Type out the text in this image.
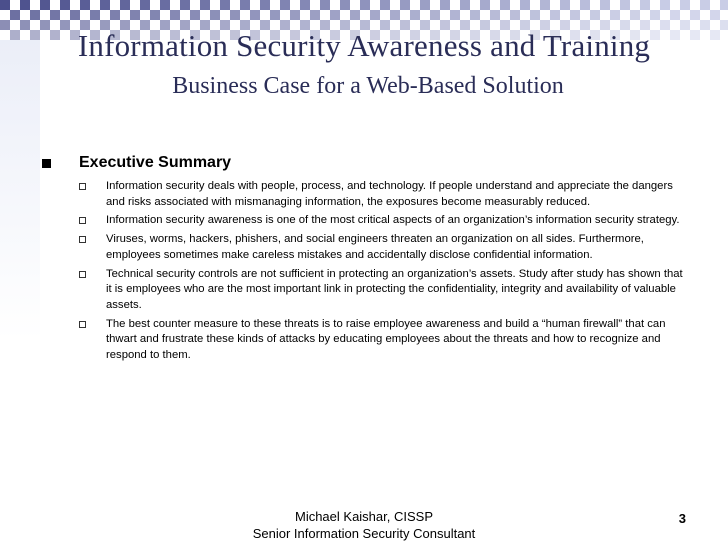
Information Security Awareness and Training
Business Case for a Web-Based Solution
Executive Summary
Information security deals with people, process, and technology. If people understand and appreciate the dangers and risks associated with mismanaging information, the exposures become measurably reduced.
Information security awareness is one of the most critical aspects of an organization’s information security strategy.
Viruses, worms, hackers, phishers, and social engineers threaten an organization on all sides. Furthermore, employees sometimes make careless mistakes and accidentally disclose confidential information.
Technical security controls are not sufficient in protecting an organization’s assets. Study after study has shown that it is employees who are the most important link in protecting the confidentiality, integrity and availability of valuable assets.
The best counter measure to these threats is to raise employee awareness and build a “human firewall” that can thwart and frustrate these kinds of attacks by educating employees about the threats and how to recognize and respond to them.
Michael Kaishar, CISSP
Senior Information Security Consultant
3
